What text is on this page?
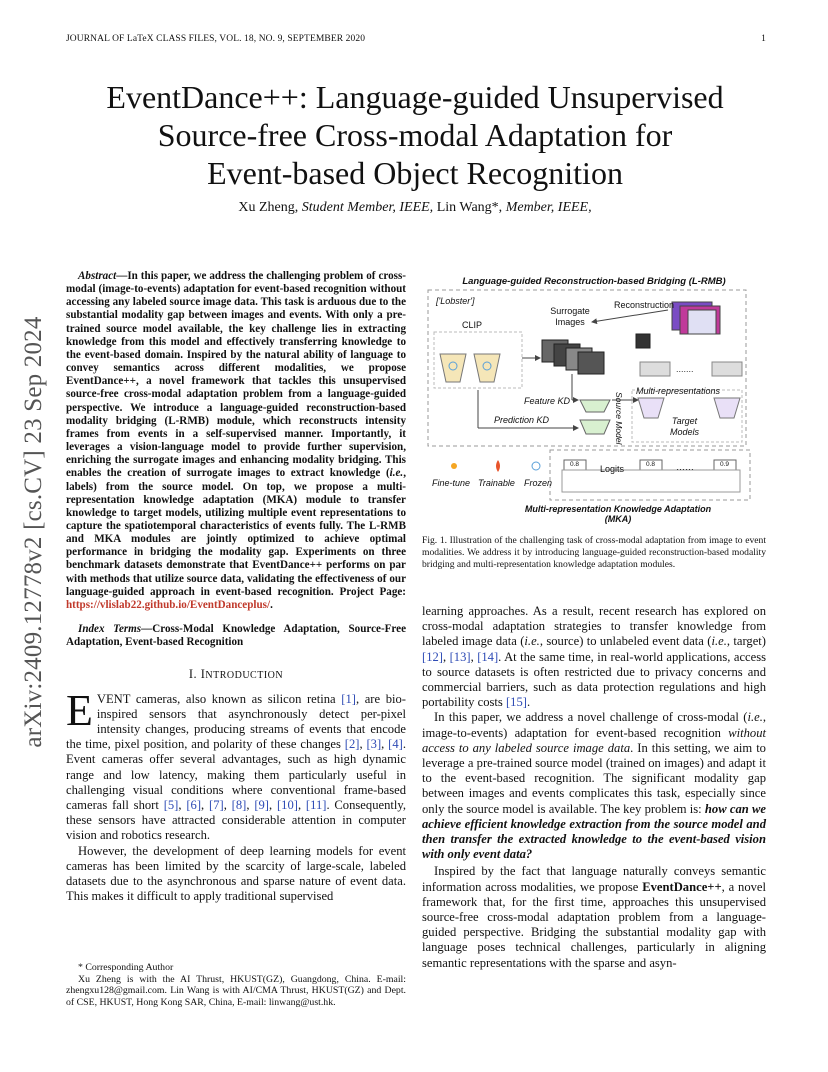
JOURNAL OF LaTeX CLASS FILES, VOL. 18, NO. 9, SEPTEMBER 2020	1
arXiv:2409.12778v2 [cs.CV] 23 Sep 2024
EventDance++: Language-guided Unsupervised
Source-free Cross-modal Adaptation for
Event-based Object Recognition
Xu Zheng, Student Member, IEEE, Lin Wang*, Member, IEEE,

Abstract—In this paper, we address the challenging problem of cross-modal (image-to-events) adaptation for event-based recognition without accessing any labeled source image data. This task is arduous due to the substantial modality gap between images and events. With only a pre-trained source model available, the key challenge lies in extracting knowledge from this model and effectively transferring knowledge to the event-based domain. Inspired by the natural ability of language to convey semantics across different modalities, we propose EventDance++, a novel framework that tackles this unsupervised source-free cross-modal adaptation problem from a language-guided perspective. We introduce a language-guided reconstruction-based modality bridging (L-RMB) module, which reconstructs intensity frames from events in a self-supervised manner. Importantly, it leverages a vision-language model to provide further supervision, enriching the surrogate images and enhancing modality bridging. This enables the creation of surrogate images to extract knowledge (i.e., labels) from the source model. On top, we propose a multi-representation knowledge adaptation (MKA) module to transfer knowledge to target models, utilizing multiple event representations to capture the spatiotemporal characteristics of events fully. The L-RMB and MKA modules are jointly optimized to achieve optimal performance in bridging the modality gap. Experiments on three benchmark datasets demonstrate that EventDance++ performs on par with methods that utilize source data, validating the effectiveness of our language-guided approach in event-based recognition. Project Page: https://vlislab22.github.io/EventDanceplus/.

Index Terms—Cross-Modal Knowledge Adaptation, Source-Free Adaptation, Event-based Recognition

I. INTRODUCTION

EVENT cameras, also known as silicon retina [1], are bio-inspired sensors that asynchronously detect per-pixel intensity changes, producing streams of events that encode the time, pixel position, and polarity of these changes [2], [3], [4]. Event cameras offer several advantages, such as high dynamic range and low latency, making them particularly useful in challenging visual conditions where conventional frame-based cameras fall short [5], [6], [7], [8], [9], [10], [11]. Consequently, these sensors have attracted considerable attention in computer vision and robotics research.

However, the development of deep learning models for event cameras has been limited by the scarcity of large-scale, labeled datasets due to the asynchronous and sparse nature of event data. This makes it difficult to apply traditional supervised

* Corresponding Author
Xu Zheng is with the AI Thrust, HKUST(GZ), Guangdong, China. E-mail: zhengxu128@gmail.com. Lin Wang is with AI/CMA Thrust, HKUST(GZ) and Dept. of CSE, HKUST, Hong Kong SAR, China, E-mail: linwang@ust.hk.
Language-guided Reconstruction-based Bridging (L-RMB)
.......
['Lobster']
CLIP
Surrogate
Images
Reconstruction
Multi-representations
Feature KD
Prediction KD	Source Model	Target
Models
Logits
0.8	0.8	0.9
……
Fine-tune Trainable Frozen
Multi-representation Knowledge Adaptation (MKA)
Fig. 1. Illustration of the challenging task of cross-modal adaptation from image to event modalities. We address it by introducing language-guided reconstruction-based modality bridging and multi-representation knowledge adaptation modules.

learning approaches. As a result, recent research has explored on cross-modal adaptation strategies to transfer knowledge from labeled image data (i.e., source) to unlabeled event data (i.e., target) [12], [13], [14]. At the same time, in real-world applications, access to source datasets is often restricted due to privacy concerns and commercial barriers, such as data protection regulations and high portability costs [15].

In this paper, we address a novel challenge of cross-modal (i.e., image-to-events) adaptation for event-based recognition without access to any labeled source image data. In this setting, we aim to leverage a pre-trained source model (trained on images) and adapt it to the event-based recognition. The significant modality gap between images and events complicates this task, especially since only the source model is available. The key problem is: how can we achieve efficient knowledge extraction from the source model and then transfer the extracted knowledge to the event-based vision with only event data?

Inspired by the fact that language naturally conveys semantic information across modalities, we propose EventDance++, a novel framework that, for the first time, approaches this unsupervised source-free cross-modal adaptation problem from a language-guided perspective. Bridging the substantial modality gap with language poses technical challenges, particularly in aligning semantic representations with the sparse and asyn-
